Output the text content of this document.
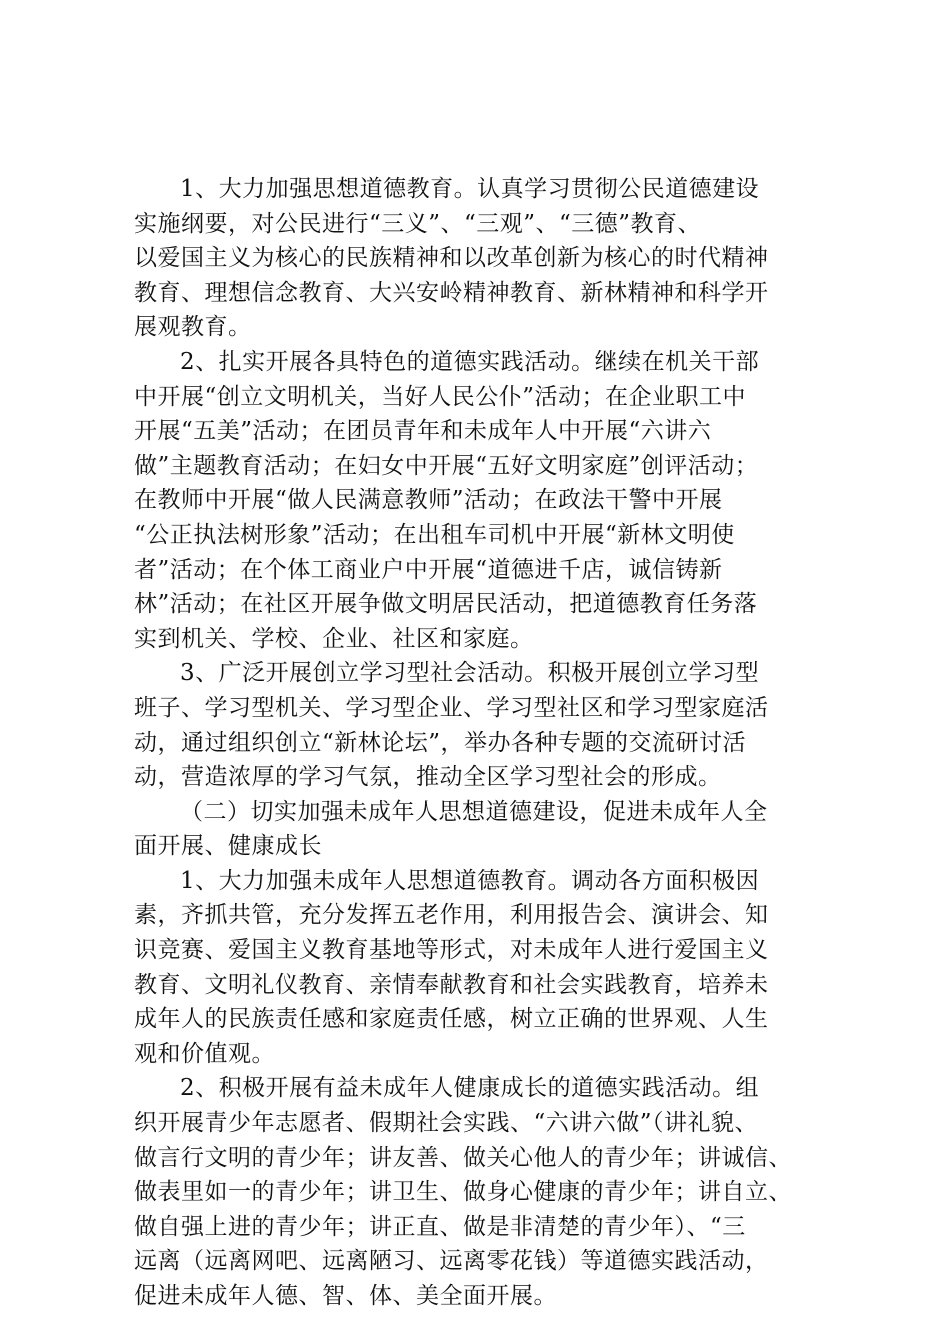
1、大力加强思想道德教育。认真学习贯彻公民道德建设
实施纲要，对公民进行“三义”、“三观”、“三德”教育、
以爱国主义为核心的民族精神和以改革创新为核心的时代精神
教育、理想信念教育、大兴安岭精神教育、新林精神和科学开
展观教育。
2、扎实开展各具特色的道德实践活动。继续在机关干部
中开展“创立文明机关，当好人民公仆”活动；在企业职工中
开展“五美”活动；在团员青年和未成年人中开展“六讲六
做”主题教育活动；在妇女中开展“五好文明家庭”创评活动；
在教师中开展“做人民满意教师”活动；在政法干警中开展
“公正执法树形象”活动；在出租车司机中开展“新林文明使
者”活动；在个体工商业户中开展“道德进千店，诚信铸新
林”活动；在社区开展争做文明居民活动，把道德教育任务落
实到机关、学校、企业、社区和家庭。
3、广泛开展创立学习型社会活动。积极开展创立学习型
班子、学习型机关、学习型企业、学习型社区和学习型家庭活
动，通过组织创立“新林论坛”，举办各种专题的交流研讨活
动，营造浓厚的学习气氛，推动全区学习型社会的形成。
（二）切实加强未成年人思想道德建设，促进未成年人全
面开展、健康成长
1、大力加强未成年人思想道德教育。调动各方面积极因
素，齐抓共管，充分发挥五老作用，利用报告会、演讲会、知
识竞赛、爱国主义教育基地等形式，对未成年人进行爱国主义
教育、文明礼仪教育、亲情奉献教育和社会实践教育，培养未
成年人的民族责任感和家庭责任感，树立正确的世界观、人生
观和价值观。
2、积极开展有益未成年人健康成长的道德实践活动。组
织开展青少年志愿者、假期社会实践、“六讲六做”（讲礼貌、
做言行文明的青少年；讲友善、做关心他人的青少年；讲诚信、
做表里如一的青少年；讲卫生、做身心健康的青少年；讲自立、
做自强上进的青少年；讲正直、做是非清楚的青少年）、“三
远离（远离网吧、远离陋习、远离零花钱）等道德实践活动，
促进未成年人德、智、体、美全面开展。
